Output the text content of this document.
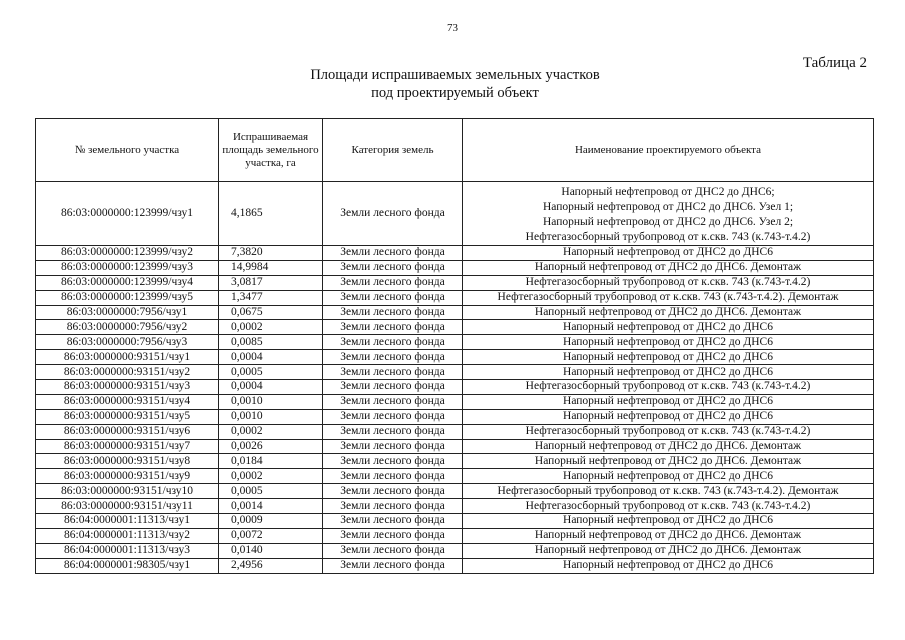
73
Таблица 2
Площади испрашиваемых земельных участков
под проектируемый объект
№ земельного участка	Испрашиваемая площадь земельного участка, га	Категория земель	Наименование проектируемого объекта
86:03:0000000:123999/чзу1	4,1865	Земли лесного фонда	Напорный нефтепровод от ДНС2 до ДНС6;
Напорный нефтепровод от ДНС2 до ДНС6. Узел 1;
Напорный нефтепровод от ДНС2 до ДНС6. Узел 2;
Нефтегазосборный трубопровод от к.скв. 743 (к.743-т.4.2)

86:03:0000000:123999/чзу2	7,3820	Земли лесного фонда	Напорный нефтепровод от ДНС2 до ДНС6
86:03:0000000:123999/чзу3	14,9984	Земли лесного фонда	Напорный нефтепровод от ДНС2 до ДНС6. Демонтаж
86:03:0000000:123999/чзу4	3,0817	Земли лесного фонда	Нефтегазосборный трубопровод от к.скв. 743 (к.743-т.4.2)
86:03:0000000:123999/чзу5	1,3477	Земли лесного фонда	Нефтегазосборный трубопровод от к.скв. 743 (к.743-т.4.2). Демонтаж
86:03:0000000:7956/чзу1	0,0675	Земли лесного фонда	Напорный нефтепровод от ДНС2 до ДНС6. Демонтаж
86:03:0000000:7956/чзу2	0,0002	Земли лесного фонда	Напорный нефтепровод от ДНС2 до ДНС6
86:03:0000000:7956/чзу3	0,0085	Земли лесного фонда	Напорный нефтепровод от ДНС2 до ДНС6
86:03:0000000:93151/чзу1	0,0004	Земли лесного фонда	Напорный нефтепровод от ДНС2 до ДНС6
86:03:0000000:93151/чзу2	0,0005	Земли лесного фонда	Напорный нефтепровод от ДНС2 до ДНС6
86:03:0000000:93151/чзу3	0,0004	Земли лесного фонда	Нефтегазосборный трубопровод от к.скв. 743 (к.743-т.4.2)
86:03:0000000:93151/чзу4	0,0010	Земли лесного фонда	Напорный нефтепровод от ДНС2 до ДНС6
86:03:0000000:93151/чзу5	0,0010	Земли лесного фонда	Напорный нефтепровод от ДНС2 до ДНС6
86:03:0000000:93151/чзу6	0,0002	Земли лесного фонда	Нефтегазосборный трубопровод от к.скв. 743 (к.743-т.4.2)
86:03:0000000:93151/чзу7	0,0026	Земли лесного фонда	Напорный нефтепровод от ДНС2 до ДНС6. Демонтаж
86:03:0000000:93151/чзу8	0,0184	Земли лесного фонда	Напорный нефтепровод от ДНС2 до ДНС6. Демонтаж
86:03:0000000:93151/чзу9	0,0002	Земли лесного фонда	Напорный нефтепровод от ДНС2 до ДНС6
86:03:0000000:93151/чзу10	0,0005	Земли лесного фонда	Нефтегазосборный трубопровод от к.скв. 743 (к.743-т.4.2). Демонтаж
86:03:0000000:93151/чзу11	0,0014	Земли лесного фонда	Нефтегазосборный трубопровод от к.скв. 743 (к.743-т.4.2)
86:04:0000001:11313/чзу1	0,0009	Земли лесного фонда	Напорный нефтепровод от ДНС2 до ДНС6
86:04:0000001:11313/чзу2	0,0072	Земли лесного фонда	Напорный нефтепровод от ДНС2 до ДНС6. Демонтаж
86:04:0000001:11313/чзу3	0,0140	Земли лесного фонда	Напорный нефтепровод от ДНС2 до ДНС6. Демонтаж
86:04:0000001:98305/чзу1	2,4956	Земли лесного фонда	Напорный нефтепровод от ДНС2 до ДНС6
